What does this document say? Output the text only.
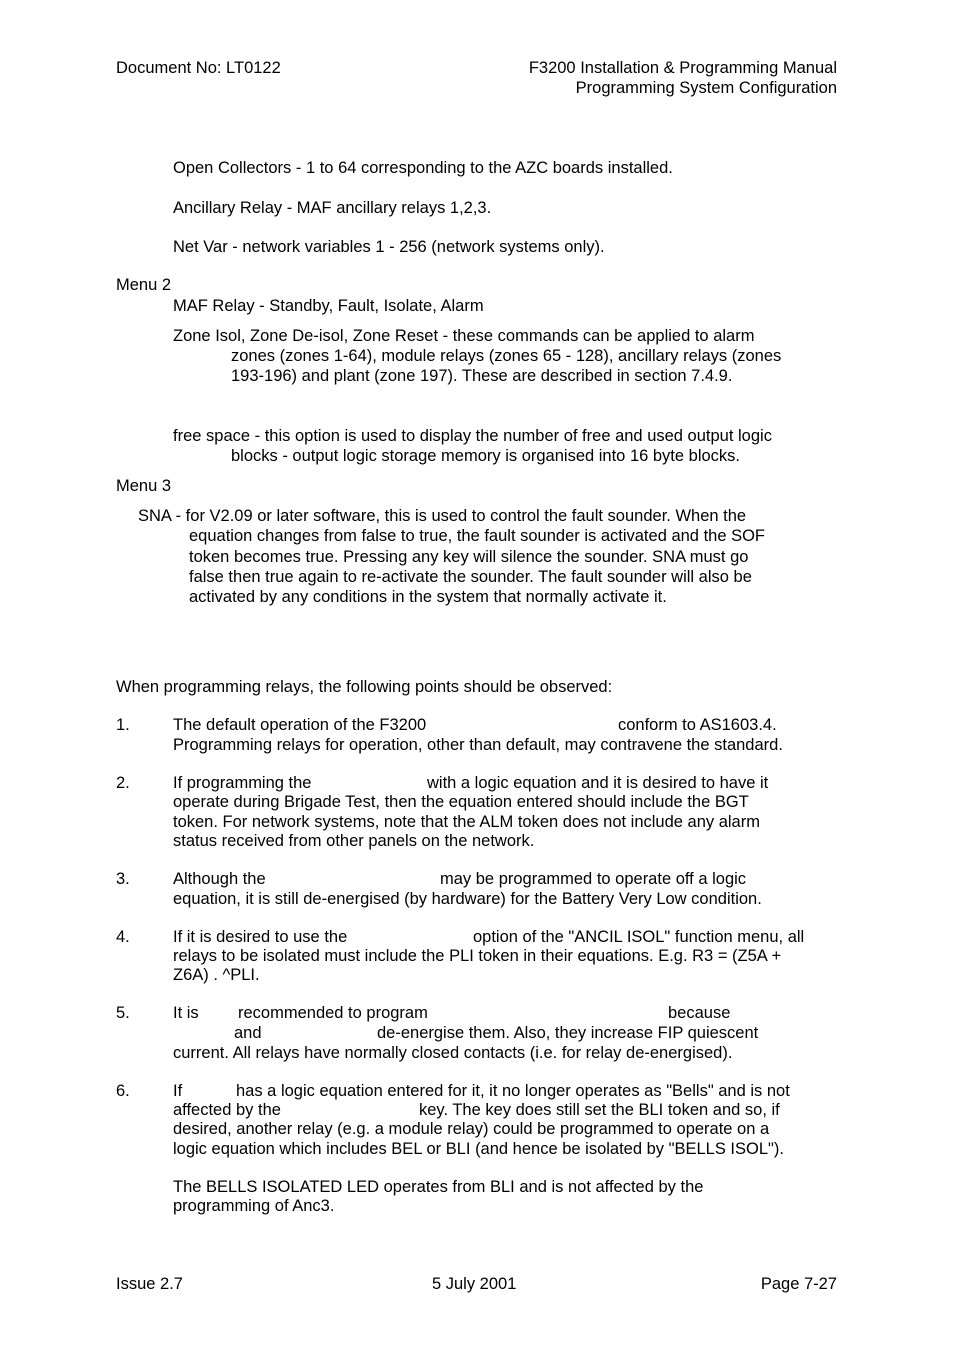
Document No: LT0122	F3200 Installation & Programming Manual
Programming System Configuration
Open Collectors - 1 to 64 corresponding to the AZC boards installed.
Ancillary Relay - MAF ancillary relays 1,2,3.
Net Var - network variables 1 - 256 (network systems only).
Menu 2
MAF Relay - Standby, Fault, Isolate, Alarm
Zone Isol, Zone De-isol, Zone Reset - these commands can be applied to alarm
zones (zones 1-64), module relays (zones 65 - 128), ancillary relays (zones
193-196) and plant (zone 197). These are described in section 7.4.9.
free space - this option is used to display the number of free and used output logic
blocks - output logic storage memory is organised into 16 byte blocks.
Menu 3
SNA - for V2.09 or later software, this is used to control the fault sounder. When the
equation changes from false to true, the fault sounder is activated and the SOF
token becomes true. Pressing any key will silence the sounder. SNA must go
false then true again to re-activate the sounder. The fault sounder will also be
activated by any conditions in the system that normally activate it.
When programming relays, the following points should be observed:
1.	The default operation of the F3200	conform to AS1603.4.
Programming relays for operation, other than default, may contravene the standard.
2.	If programming the	with a logic equation and it is desired to have it
operate during Brigade Test, then the equation entered should include the BGT
token. For network systems, note that the ALM token does not include any alarm
status received from other panels on the network.
3.	Although the	may be programmed to operate off a logic
equation, it is still de-energised (by hardware) for the Battery Very Low condition.
4.	If it is desired to use the	option of the "ANCIL ISOL" function menu, all
relays to be isolated must include the PLI token in their equations. E.g. R3 = (Z5A +
Z6A) . ^PLI.
5.	It is recommended to program	because
and	de-energise them. Also, they increase FIP quiescent
current. All relays have normally closed contacts (i.e. for relay de-energised).
6.	If	has a logic equation entered for it, it no longer operates as "Bells" and is not
affected by the	key. The key does still set the BLI token and so, if
desired, another relay (e.g. a module relay) could be programmed to operate on a
logic equation which includes BEL or BLI (and hence be isolated by "BELLS ISOL").
The BELLS ISOLATED LED operates from BLI and is not affected by the
programming of Anc3.
Issue 2.7	5 July 2001	Page 7-27
